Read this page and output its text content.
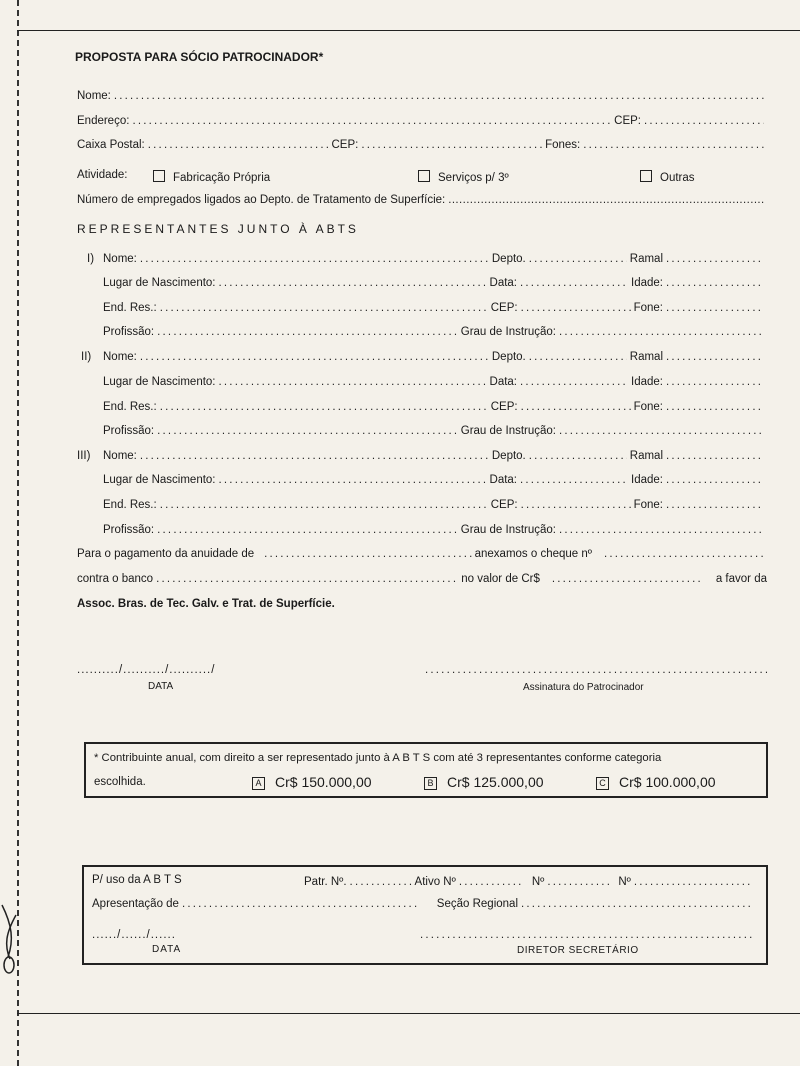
PROPOSTA PARA SÓCIO PATROCINADOR*
Nome:
.....
Endereço: .....	CEP:
.....
Caixa Postal: .....	CEP: .....	Fones:
.....
Atividade:	Fabricação Própria	Serviços p/ 3º	Outras
Número de empregados ligados ao Depto. de Tratamento de Superfície:
.....
REPRESENTANTES JUNTO À ABTS
I) Nome: .....	Depto. .....	Ramal
.....
Lugar de Nascimento: .....	Data: .....	Idade:
.....
End. Res.: .....	CEP: .....	Fone:
.....
Profissão: .....	Grau de Instrução:
.....
II)	Nome: .....	Depto. .....	Ramal
.....
Lugar de Nascimento: .....	Data: .....	Idade:
.....
End. Res.: .....	CEP: .....	Fone:
.....
Profissão: .....	Grau de Instrução:
.....
III)	Nome: .....	Depto. .....	Ramal
.....
Lugar de Nascimento: .....	Data: .....	Idade:
.....
End. Res.: .....	CEP: .....	Fone:
.....
Profissão: .....	Grau de Instrução:
.....
Para o pagamento da anuidade de .....	anexamos o cheque nº
.....
contra o banco .....	no valor de Cr$ .....	a favor da
Assoc. Bras. de Tec. Galv. e Trat. de Superfície.
........../........../........../
DATA
.....	Assinatura do Patrocinador
* Contribuinte anual, com direito a ser representado junto à A B T S com até 3 representantes conforme categoria
escolhida.	A Cr$ 150.000,00	B Cr$ 125.000,00	C Cr$ 100.000,00
P/ uso da A B T S	Patr. Nº. .....	Ativo Nº .....	Nº .....	Nº
.....
Apresentação de .....	Seção Regional
.....
....../....../......
DATA
.....	DIRETOR SECRETÁRIO
